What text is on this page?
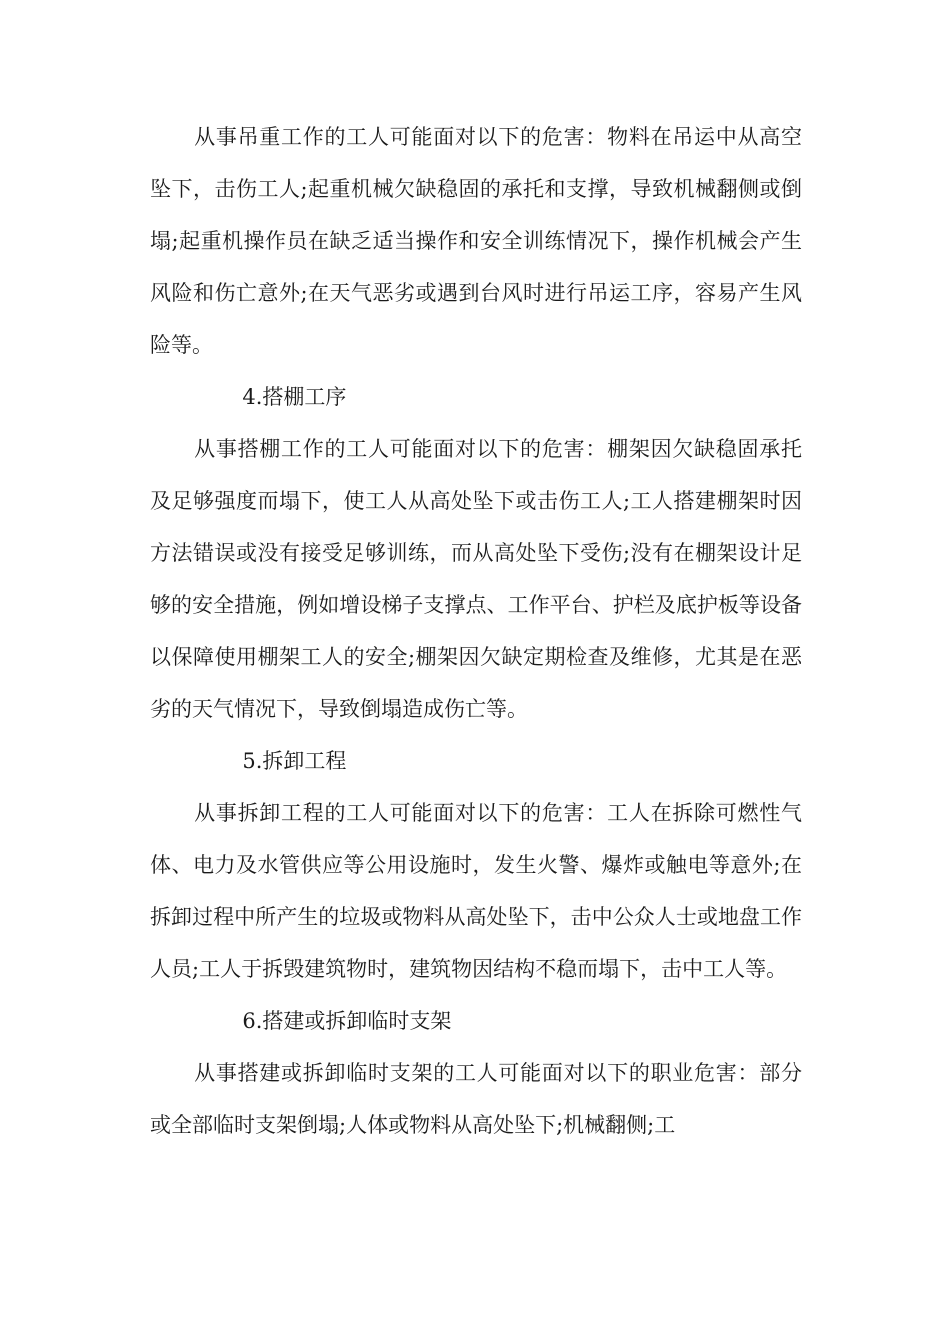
从事吊重工作的工人可能面对以下的危害：物料在吊运中从高空坠下，击伤工人;起重机械欠缺稳固的承托和支撑，导致机械翻侧或倒塌;起重机操作员在缺乏适当操作和安全训练情况下，操作机械会产生风险和伤亡意外;在天气恶劣或遇到台风时进行吊运工序，容易产生风险等。

4.搭棚工序

从事搭棚工作的工人可能面对以下的危害：棚架因欠缺稳固承托及足够强度而塌下，使工人从高处坠下或击伤工人;工人搭建棚架时因方法错误或没有接受足够训练，而从高处坠下受伤;没有在棚架设计足够的安全措施，例如增设梯子支撑点、工作平台、护栏及底护板等设备以保障使用棚架工人的安全;棚架因欠缺定期检查及维修，尤其是在恶劣的天气情况下，导致倒塌造成伤亡等。

5.拆卸工程

从事拆卸工程的工人可能面对以下的危害：工人在拆除可燃性气体、电力及水管供应等公用设施时，发生火警、爆炸或触电等意外;在拆卸过程中所产生的垃圾或物料从高处坠下，击中公众人士或地盘工作人员;工人于拆毁建筑物时，建筑物因结构不稳而塌下，击中工人等。

6.搭建或拆卸临时支架

从事搭建或拆卸临时支架的工人可能面对以下的职业危害：部分或全部临时支架倒塌;人体或物料从高处坠下;机械翻侧;工
